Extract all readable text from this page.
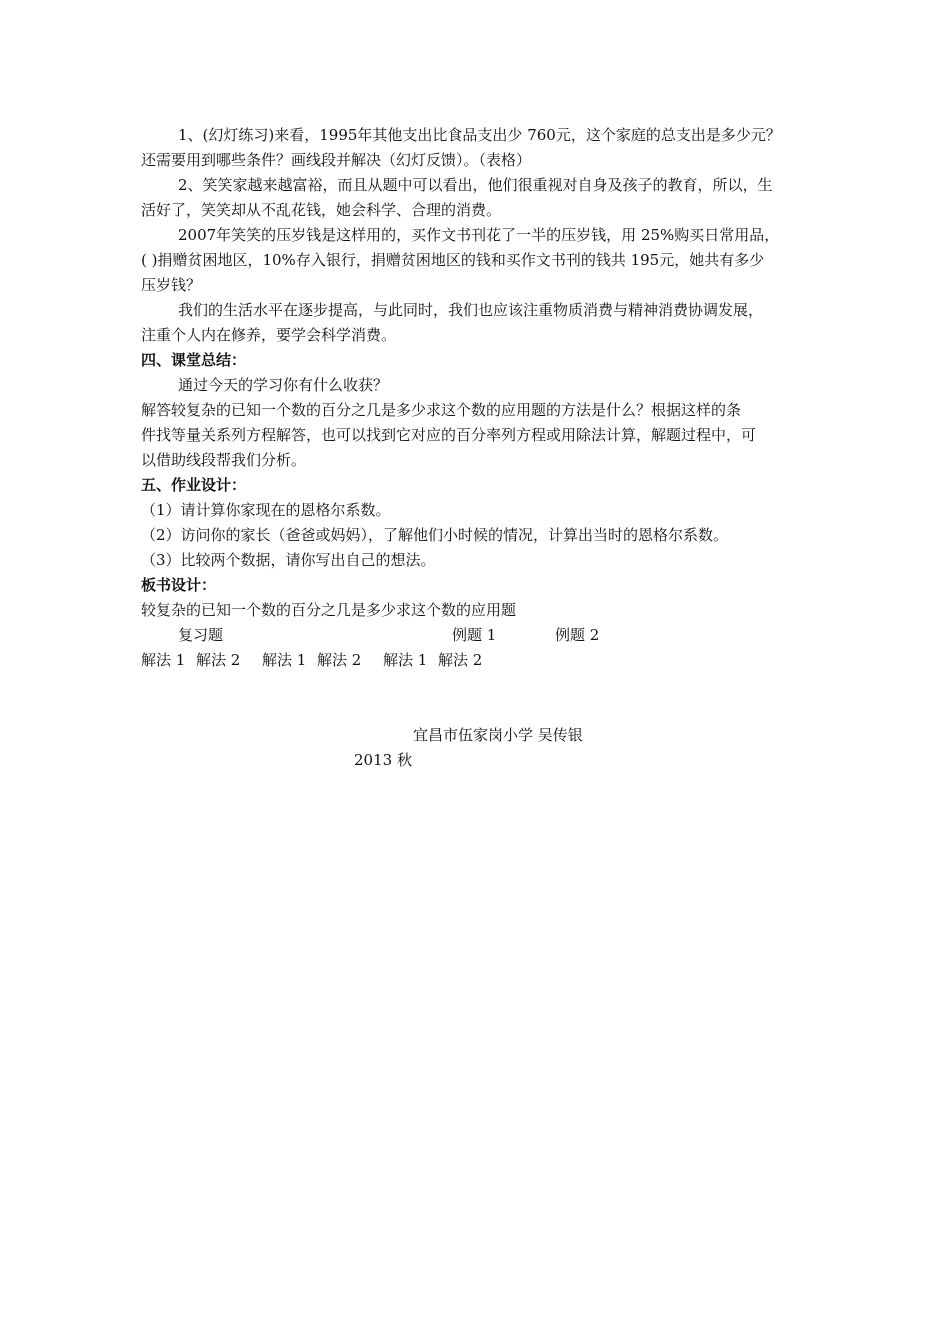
1、(幻灯练习)来看，1995年其他支出比食品支出少 760元，这个家庭的总支出是多少元？
还需要用到哪些条件？画线段并解决（幻灯反馈）。（表格）
2、笑笑家越来越富裕，而且从题中可以看出，他们很重视对自身及孩子的教育，所以，生
活好了，笑笑却从不乱花钱，她会科学、合理的消费。
2007年笑笑的压岁钱是这样用的，买作文书刊花了一半的压岁钱，用 25%购买日常用品，
( )捐赠贫困地区，10%存入银行，捐赠贫困地区的钱和买作文书刊的钱共 195元，她共有多少
压岁钱？
我们的生活水平在逐步提高，与此同时，我们也应该注重物质消费与精神消费协调发展，
注重个人内在修养，要学会科学消费。
四、课堂总结：
通过今天的学习你有什么收获？
解答较复杂的已知一个数的百分之几是多少求这个数的应用题的方法是什么？根据这样的条
件找等量关系列方程解答，也可以找到它对应的百分率列方程或用除法计算，解题过程中，可
以借助线段帮我们分析。
五、作业设计：
（1）请计算你家现在的恩格尔系数。
（2）访问你的家长（爸爸或妈妈），了解他们小时候的情况，计算出当时的恩格尔系数。
（3）比较两个数据，请你写出自己的想法。
板书设计：
较复杂的已知一个数的百分之几是多少求这个数的应用题
复习题	例题 1	例题 2
解法 1 解法 2 解法 1 解法 2 解法 1 解法 2
宜昌市伍家岗小学 吴传银
2013 秋
